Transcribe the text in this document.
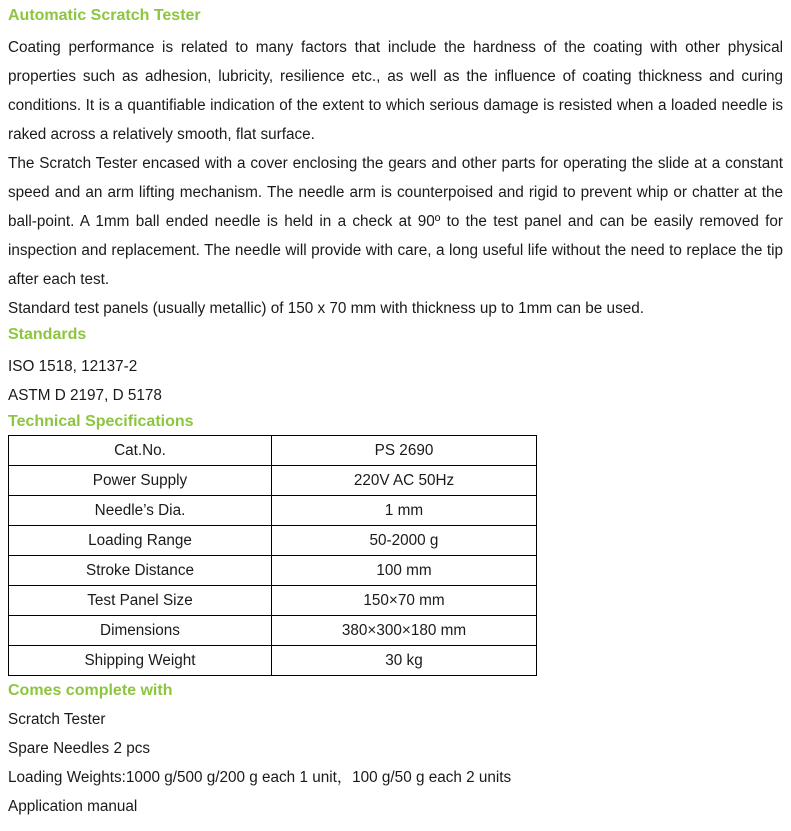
Automatic Scratch Tester

Coating performance is related to many factors that include the hardness of the coating with other physical properties such as adhesion, lubricity, resilience etc., as well as the influence of coating thickness and curing conditions. It is a quantifiable indication of the extent to which serious damage is resisted when a loaded needle is raked across a relatively smooth, flat surface.

The Scratch Tester encased with a cover enclosing the gears and other parts for operating the slide at a constant speed and an arm lifting mechanism. The needle arm is counterpoised and rigid to prevent whip or chatter at the ball-point. A 1mm ball ended needle is held in a check at 90º to the test panel and can be easily removed for inspection and replacement. The needle will provide with care, a long useful life without the need to replace the tip after each test.

Standard test panels (usually metallic) of 150 x 70 mm with thickness up to 1mm can be used.

Standards

ISO 1518, 12137-2

ASTM D 2197, D 5178

Technical Specifications
Cat.No.	PS 2690
Power Supply	220V AC 50Hz
Needle’s Dia.	1 mm
Loading Range	50-2000 g
Stroke Distance	100 mm
Test Panel Size	150×70 mm
Dimensions	380×300×180 mm
Shipping Weight	30 kg
Comes complete with

Scratch Tester

Spare Needles 2 pcs

Loading Weights:1000 g/500 g/200 g each 1 unit，100 g/50 g each 2 units

Application manual
